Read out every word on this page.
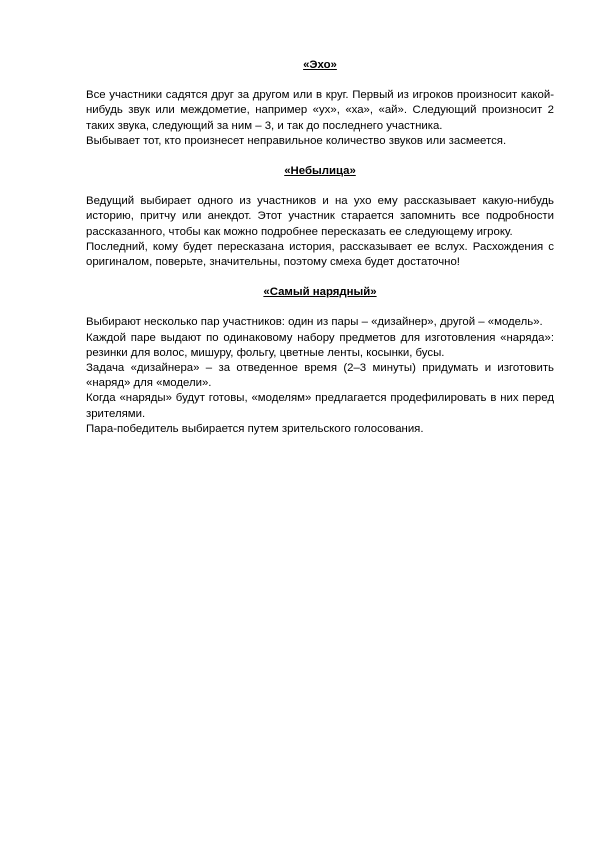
«Эхо»

Все участники садятся друг за другом или в круг. Первый из игроков произносит какой-нибудь звук или междометие, например «ух», «ха», «ай». Следующий произносит 2 таких звука, следующий за ним – 3, и так до последнего участника.

Выбывает тот, кто произнесет неправильное количество звуков или засмеется.

«Небылица»

Ведущий выбирает одного из участников и на ухо ему рассказывает какую-нибудь историю, притчу или анекдот. Этот участник старается запомнить все подробности рассказанного, чтобы как можно подробнее пересказать ее следующему игроку.

Последний, кому будет пересказана история, рассказывает ее вслух. Расхождения с оригиналом, поверьте, значительны, поэтому смеха будет достаточно!

«Самый нарядный»

Выбирают несколько пар участников: один из пары – «дизайнер», другой – «модель».

Каждой паре выдают по одинаковому набору предметов для изготовления «наряда»: резинки для волос, мишуру, фольгу, цветные ленты, косынки, бусы.

Задача «дизайнера» – за отведенное время (2–3 минуты) придумать и изготовить «наряд» для «модели».

Когда «наряды» будут готовы, «моделям» предлагается продефилировать в них перед зрителями.

Пара-победитель выбирается путем зрительского голосования.
